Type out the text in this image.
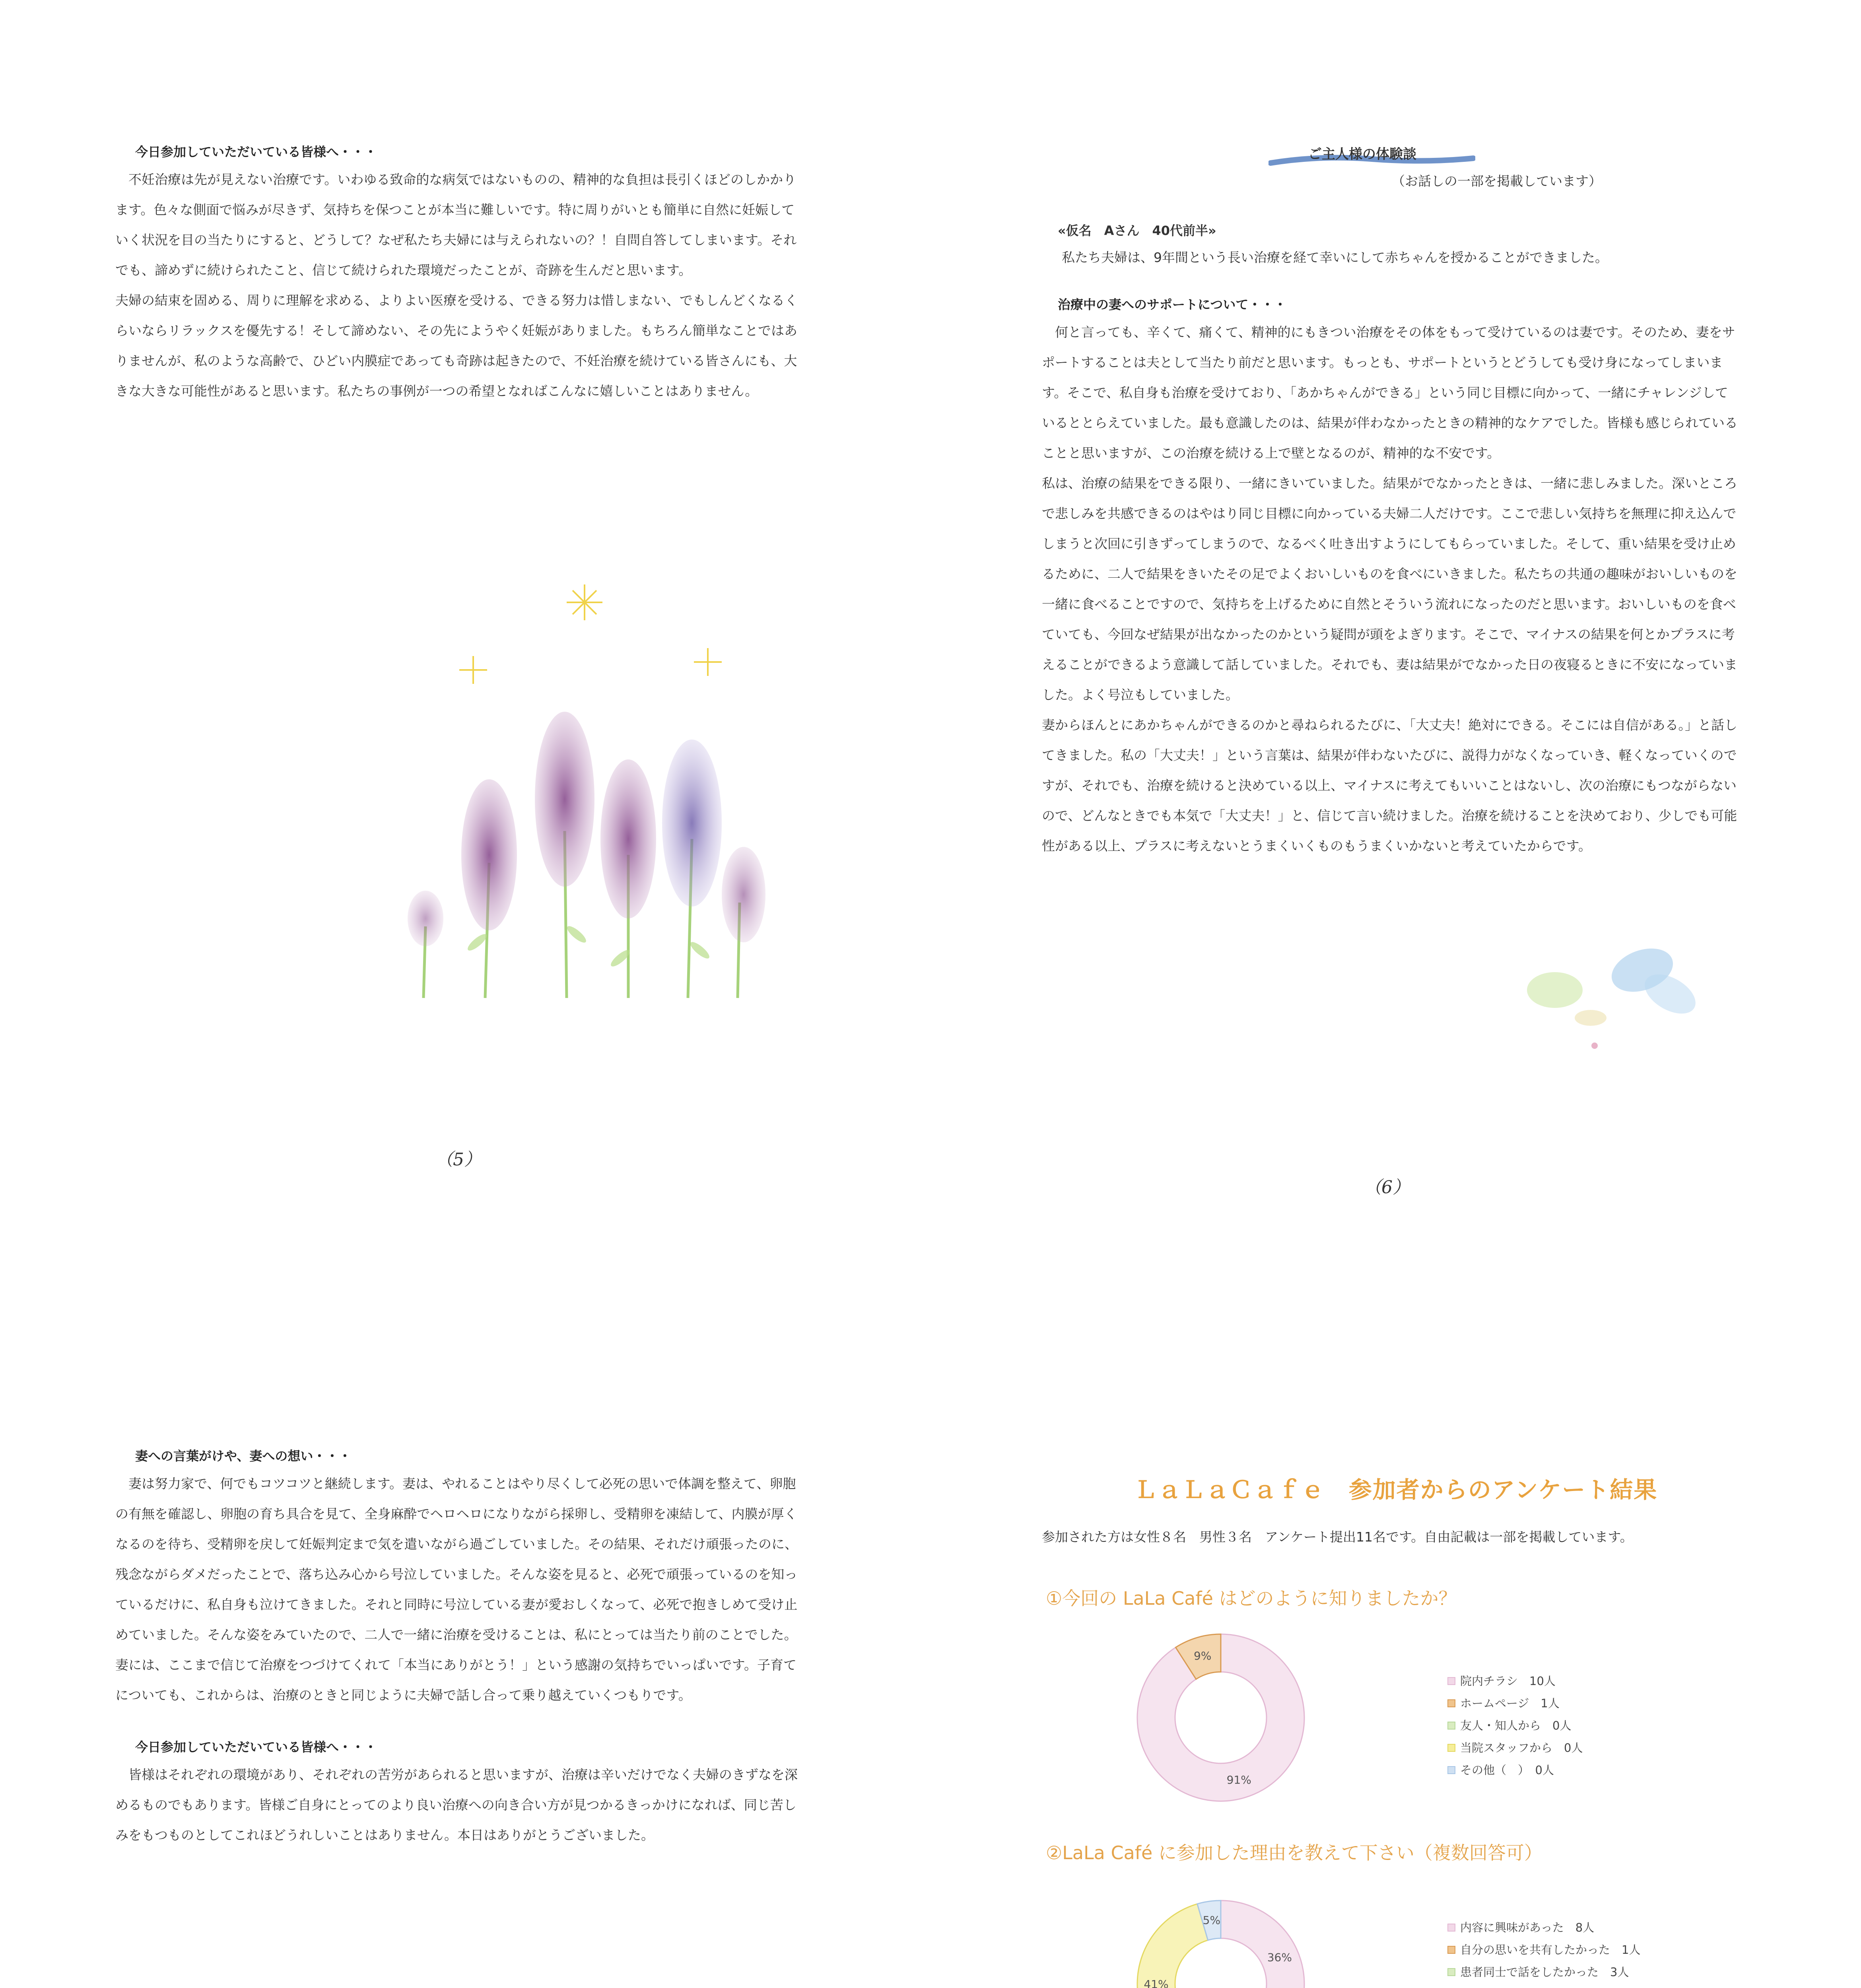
今日参加していただいている皆様へ・・・

不妊治療は先が見えない治療です。いわゆる致命的な病気ではないものの、精神的な負担は長引くほどのしかかります。色々な側面で悩みが尽きず、気持ちを保つことが本当に難しいです。特に周りがいとも簡単に自然に妊娠していく状況を目の当たりにすると、どうして？なぜ私たち夫婦には与えられないの？！自問自答してしまいます。それでも、諦めずに続けられたこと、信じて続けられた環境だったことが、奇跡を生んだと思います。

夫婦の結束を固める、周りに理解を求める、よりよい医療を受ける、できる努力は惜しまない、でもしんどくなるくらいならリラックスを優先する！そして諦めない、その先にようやく妊娠がありました。もちろん簡単なことではありませんが、私のような高齢で、ひどい内膜症であっても奇跡は起きたので、不妊治療を続けている皆さんにも、大きな大きな可能性があると思います。私たちの事例が一つの希望となればこんなに嬉しいことはありません。

（5）
ご主人様の体験談
（お話しの一部を掲載しています）
«仮名　Aさん　40代前半»
私たち夫婦は、9年間という長い治療を経て幸いにして赤ちゃんを授かることができました。
治療中の妻へのサポートについて・・・

何と言っても、辛くて、痛くて、精神的にもきつい治療をその体をもって受けているのは妻です。そのため、妻をサポートすることは夫として当たり前だと思います。もっとも、サポートというとどうしても受け身になってしまいます。そこで、私自身も治療を受けており、「あかちゃんができる」という同じ目標に向かって、一緒にチャレンジしているととらえていました。最も意識したのは、結果が伴わなかったときの精神的なケアでした。皆様も感じられていることと思いますが、この治療を続ける上で壁となるのが、精神的な不安です。

私は、治療の結果をできる限り、一緒にきいていました。結果がでなかったときは、一緒に悲しみました。深いところで悲しみを共感できるのはやはり同じ目標に向かっている夫婦二人だけです。ここで悲しい気持ちを無理に抑え込んでしまうと次回に引きずってしまうので、なるべく吐き出すようにしてもらっていました。そして、重い結果を受け止めるために、二人で結果をきいたその足でよくおいしいものを食べにいきました。私たちの共通の趣味がおいしいものを一緒に食べることですので、気持ちを上げるために自然とそういう流れになったのだと思います。おいしいものを食べていても、今回なぜ結果が出なかったのかという疑問が頭をよぎります。そこで、マイナスの結果を何とかプラスに考えることができるよう意識して話していました。それでも、妻は結果がでなかった日の夜寝るときに不安になっていました。よく号泣もしていました。

妻からほんとにあかちゃんができるのかと尋ねられるたびに、「大丈夫！絶対にできる。そこには自信がある。」と話してきました。私の「大丈夫！」という言葉は、結果が伴わないたびに、説得力がなくなっていき、軽くなっていくのですが、それでも、治療を続けると決めている以上、マイナスに考えてもいいことはないし、次の治療にもつながらないので、どんなときでも本気で「大丈夫！」と、信じて言い続けました。治療を続けることを決めており、少しでも可能性がある以上、プラスに考えないとうまくいくものもうまくいかないと考えていたからです。

（6）
妻への言葉がけや、妻への想い・・・

妻は努力家で、何でもコツコツと継続します。妻は、やれることはやり尽くして必死の思いで体調を整えて、卵胞の有無を確認し、卵胞の育ち具合を見て、全身麻酔でヘロヘロになりながら採卵し、受精卵を凍結して、内膜が厚くなるのを待ち、受精卵を戻して妊娠判定まで気を遣いながら過ごしていました。その結果、それだけ頑張ったのに、残念ながらダメだったことで、落ち込み心から号泣していました。そんな姿を見ると、必死で頑張っているのを知っているだけに、私自身も泣けてきました。それと同時に号泣している妻が愛おしくなって、必死で抱きしめて受け止めていました。そんな姿をみていたので、二人で一緒に治療を受けることは、私にとっては当たり前のことでした。妻には、ここまで信じて治療をつづけてくれて「本当にありがとう！」という感謝の気持ちでいっぱいです。子育てについても、これからは、治療のときと同じように夫婦で話し合って乗り越えていくつもりです。

今日参加していただいている皆様へ・・・

皆様はそれぞれの環境があり、それぞれの苦労があられると思いますが、治療は辛いだけでなく夫婦のきずなを深めるものでもあります。皆様ご自身にとってのより良い治療への向き合い方が見つかるきっかけになれば、同じ苦しみをもつものとしてこれほどうれしいことはありません。本日はありがとうございました。

ＬａＬａＣａｆｅ　参加者からのアンケート結果
参加された方は女性８名　男性３名　アンケート提出11名です。自由記載は一部を掲載しています。
①今回の LaLa Café はどのように知りましたか？
91%
9%
院内チラシ　10人
ホームページ　1人
友人・知人から　0人
当院スタッフから　0人
その他（　）　0人
②LaLa Café に参加した理由を教えて下さい（複数回答可）
36%
41%
5%
内容に興味があった　8人
自分の思いを共有したかった　1人
患者同士で話をしたかった　3人
